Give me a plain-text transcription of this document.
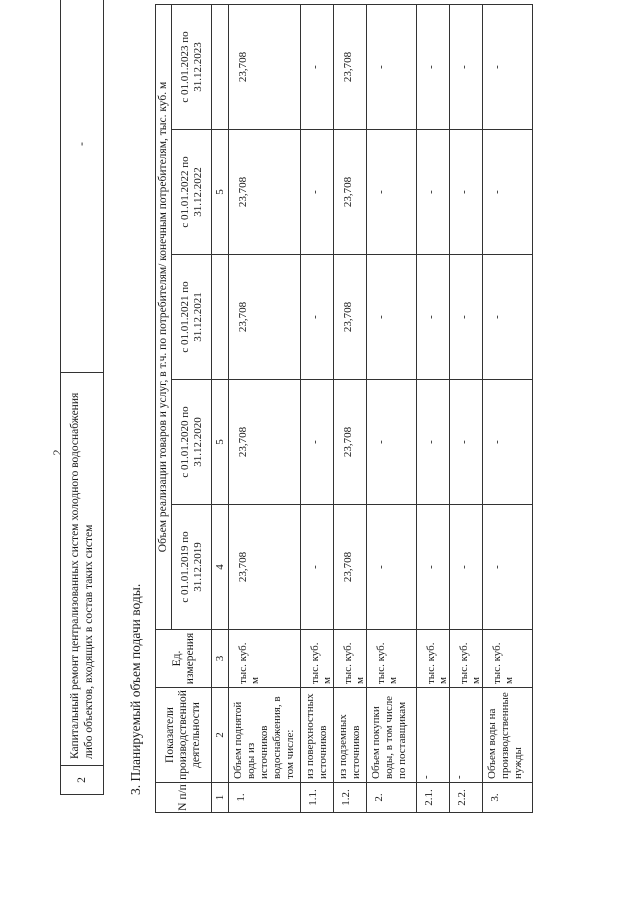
2
2	Капитальный ремонт централизованных систем холодного водоснабжения либо объектов, входящих в состав таких систем	-
3. Планируемый объем подачи воды.
N п/п	Показатели производственной деятельности	Ед. измерения	Объем реализации товаров и услуг, в т.ч. по потребителям/ конечным потребителям, тыс. куб. м				
			с 01.01.2019 по 31.12.2019	с 01.01.2020 по 31.12.2020	с 01.01.2021 по 31.12.2021	с 01.01.2022 по 31.12.2022	с 01.01.2023 по 31.12.2023
1	2	3	4	5		5	
1.	Объем поднятой воды из источников водоснабжения, в том числе:	тыс. куб. м	23,708	23,708	23,708	23,708	23,708
1.1.	из поверхностных источников	тыс. куб. м	-	-	-	-	-
1.2.	из подземных источников	тыс. куб. м	23,708	23,708	23,708	23,708	23,708
2.	Объем покупки воды, в том числе по поставщикам	тыс. куб. м	-	-	-	-	-
2.1.	-	тыс. куб. м	-	-	-	-	-
2.2.	-	тыс. куб. м	-	-	-	-	-
3.	Объем воды на производственные нужды	тыс. куб. м	-	-	-	-	-
